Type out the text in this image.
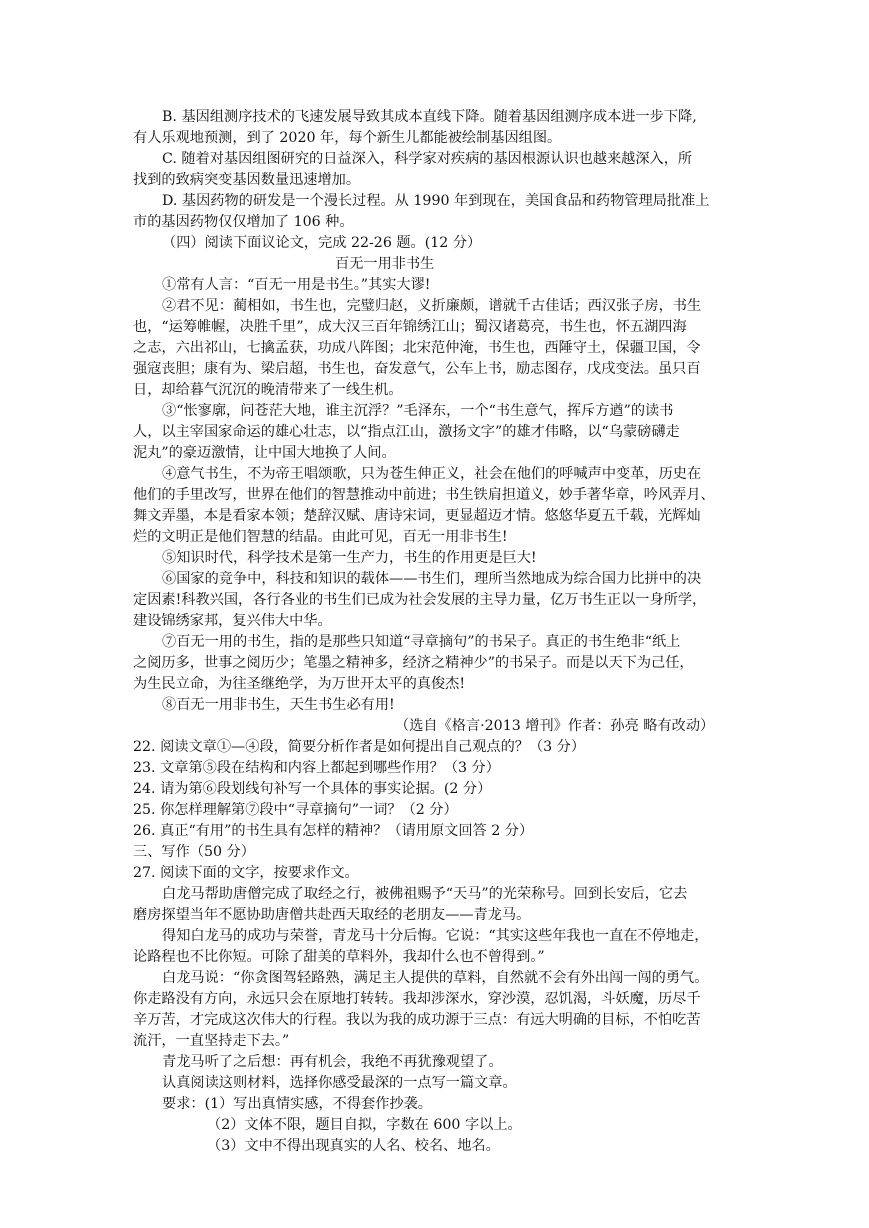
B. 基因组测序技术的飞速发展导致其成本直线下降。随着基因组测序成本进一步下降,
有人乐观地预测，到了 2020 年，每个新生儿都能被绘制基因组图。
C. 随着对基因组图研究的日益深入，科学家对疾病的基因根源认识也越来越深入，所
找到的致病突变基因数量迅速增加。
D. 基因药物的研发是一个漫长过程。从 1990 年到现在，美国食品和药物管理局批准上
市的基因药物仅仅增加了 106 种。
（四）阅读下面议论文，完成 22-26 题。(12 分）
百无一用非书生
①常有人言：“百无一用是书生。”其实大谬!
②君不见：蔺相如，书生也，完璧归赵，义折廉颇，谱就千古佳话；西汉张子房，书生
也，“运筹帷幄，决胜千里”，成大汉三百年锦绣江山；蜀汉诸葛亮，书生也，怀五湖四海
之志，六出祁山，七擒孟获，功成八阵图；北宋范仲淹，书生也，西陲守土，保疆卫国，令
强寇丧胆；康有为、梁启超，书生也，奋发意气，公车上书，励志图存，戊戌变法。虽只百
日，却给暮气沉沉的晚清带来了一线生机。
③“怅寥廓，问苍茫大地，谁主沉浮？”毛泽东，一个“书生意气，挥斥方遒”的读书
人，以主宰国家命运的雄心壮志，以“指点江山，激扬文字”的雄才伟略，以“乌蒙磅礴走
泥丸”的豪迈激情，让中国大地换了人间。
④意气书生，不为帝王唱颂歌，只为苍生伸正义，社会在他们的呼喊声中变革，历史在
他们的手里改写，世界在他们的智慧推动中前进；书生铁肩担道义，妙手著华章，吟风弄月、
舞文弄墨，本是看家本领；楚辞汉赋、唐诗宋词，更显超迈才情。悠悠华夏五千载，光辉灿
烂的文明正是他们智慧的结晶。由此可见，百无一用非书生!
⑤知识时代，科学技术是第一生产力，书生的作用更是巨大!
⑥国家的竞争中，科技和知识的载体——书生们，理所当然地成为综合国力比拼中的决
定因素!科教兴国，各行各业的书生们已成为社会发展的主导力量，亿万书生正以一身所学，
建设锦绣家邦，复兴伟大中华。
⑦百无一用的书生，指的是那些只知道“寻章摘句”的书呆子。真正的书生绝非“纸上
之阅历多，世事之阅历少；笔墨之精神多，经济之精神少”的书呆子。而是以天下为己任，
为生民立命，为往圣继绝学，为万世开太平的真俊杰!
⑧百无一用非书生，天生书生必有用!
（选自《格言·2013 增刊》作者：孙亮 略有改动）
22. 阅读文章①—④段，简要分析作者是如何提出自己观点的？（3 分）
23. 文章第⑤段在结构和内容上都起到哪些作用？（3 分）
24. 请为第⑥段划线句补写一个具体的事实论据。(2 分）
25. 你怎样理解第⑦段中“寻章摘句”一词？（2 分）
26. 真正“有用”的书生具有怎样的精神？（请用原文回答 2 分）
三、写作（50 分）
27. 阅读下面的文字，按要求作文。
白龙马帮助唐僧完成了取经之行，被佛祖赐予“天马”的光荣称号。回到长安后，它去
磨房探望当年不愿协助唐僧共赴西天取经的老朋友——青龙马。
得知白龙马的成功与荣誉，青龙马十分后悔。它说：“其实这些年我也一直在不停地走，
论路程也不比你短。可除了甜美的草料外，我却什么也不曾得到。”
白龙马说：“你贪图驾轻路熟，满足主人提供的草料，自然就不会有外出闯一闯的勇气。
你走路没有方向，永远只会在原地打转转。我却涉深水，穿沙漠，忍饥渴，斗妖魔，历尽千
辛万苦，才完成这次伟大的行程。我以为我的成功源于三点：有远大明确的目标，不怕吃苦
流汗，一直坚持走下去。”
青龙马听了之后想：再有机会，我绝不再犹豫观望了。
认真阅读这则材料，选择你感受最深的一点写一篇文章。
要求：(1）写出真情实感，不得套作抄袭。
（2）文体不限，题目自拟，字数在 600 字以上。
（3）文中不得出现真实的人名、校名、地名。
